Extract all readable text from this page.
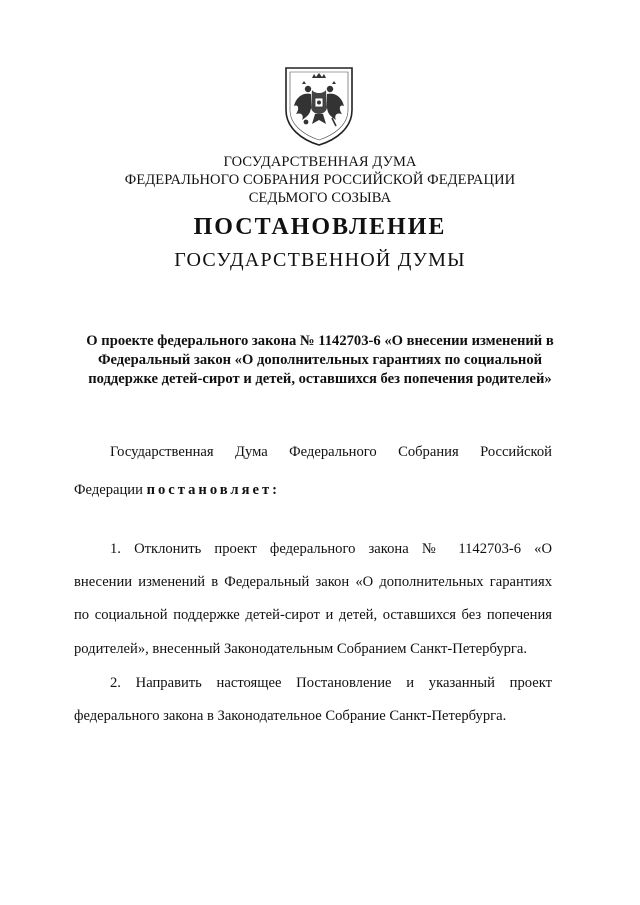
ГОСУДАРСТВЕННАЯ ДУМА
ФЕДЕРАЛЬНОГО СОБРАНИЯ РОССИЙСКОЙ ФЕДЕРАЦИИ
СЕДЬМОГО СОЗЫВА
ПОСТАНОВЛЕНИЕ
ГОСУДАРСТВЕННОЙ ДУМЫ
О проекте федерального закона № 1142703-6 «О внесении изменений в
Федеральный закон «О дополнительных гарантиях по социальной
поддержке детей-сирот и детей, оставшихся без попечения родителей»
Государственная Дума Федерального Собрания Российской
Федерации постановляет:
1. Отклонить проект федерального закона № 1142703-6 «О
внесении изменений в Федеральный закон «О дополнительных гарантиях
по социальной поддержке детей-сирот и детей, оставшихся без попечения
родителей», внесенный Законодательным Собранием Санкт-Петербурга.
2. Направить настоящее Постановление и указанный проект
федерального закона в Законодательное Собрание Санкт-Петербурга.
